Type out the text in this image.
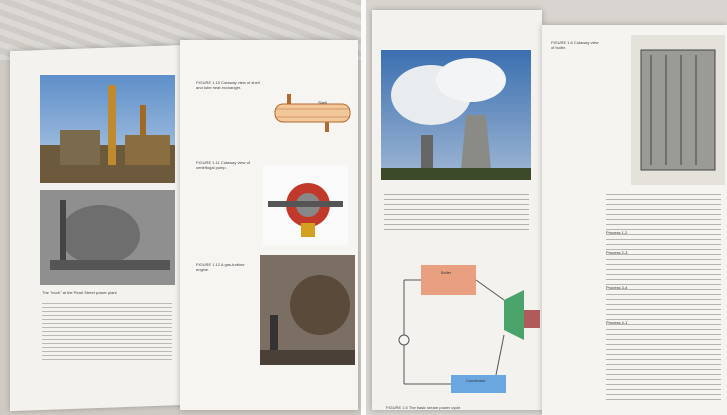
The "ecoh" at the Pearl Street power plant
FIGURE 1.10 Cutaway view of shell and tube heat exchanger.
Shell
FIGURE 1.11 Cutaway view of centrifugal pump.
FIGURE 1.12 A gas-turbine engine.
Boiler
Condenser
FIGURE 1.5 The basic steam power cycle.
FIGURE 1.6 Cutaway view of boiler.
Process 1-2
Process 2-3
Process 3-4
Process 4-1
